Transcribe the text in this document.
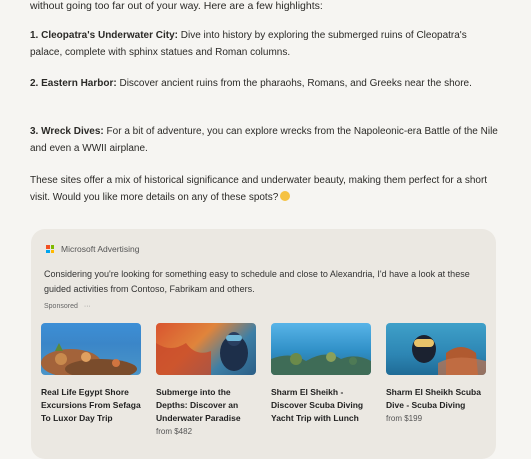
without going too far out of your way. Here are a few highlights:
1. Cleopatra's Underwater City: Dive into history by exploring the submerged ruins of Cleopatra's palace, complete with sphinx statues and Roman columns.
2. Eastern Harbor: Discover ancient ruins from the pharaohs, Romans, and Greeks near the shore.
3. Wreck Dives: For a bit of adventure, you can explore wrecks from the Napoleonic-era Battle of the Nile and even a WWII airplane.
These sites offer a mix of historical significance and underwater beauty, making them perfect for a short visit. Would you like more details on any of these spots?
Microsoft Advertising
Considering you're looking for something easy to schedule and close to Alexandria, I'd have a look at these guided activities from Contoso, Fabrikam and others.
Sponsored ···
Real Life Egypt Shore Excursions From Sefaga To Luxor Day Trip
Submerge into the Depths: Discover an Underwater Paradise
from $482
Sharm El Sheikh - Discover Scuba Diving Yacht Trip with Lunch
Sharm El Sheikh Scuba Dive - Scuba Diving
from $199
